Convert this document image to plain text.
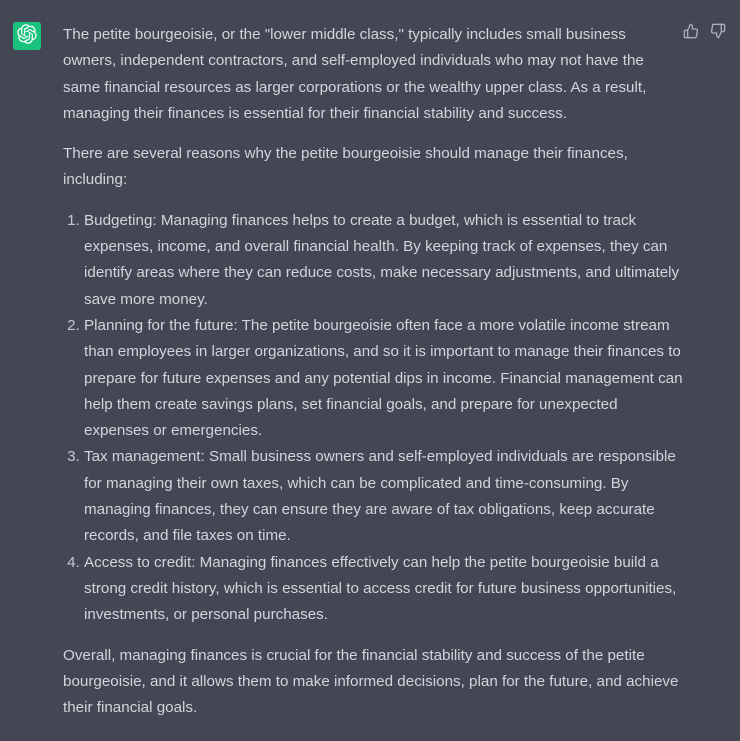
The petite bourgeoisie, or the "lower middle class," typically includes small business owners, independent contractors, and self-employed individuals who may not have the same financial resources as larger corporations or the wealthy upper class. As a result, managing their finances is essential for their financial stability and success.

There are several reasons why the petite bourgeoisie should manage their finances, including:

1. Budgeting: Managing finances helps to create a budget, which is essential to track expenses, income, and overall financial health. By keeping track of expenses, they can identify areas where they can reduce costs, make necessary adjustments, and ultimately save more money.
2. Planning for the future: The petite bourgeoisie often face a more volatile income stream than employees in larger organizations, and so it is important to manage their finances to prepare for future expenses and any potential dips in income. Financial management can help them create savings plans, set financial goals, and prepare for unexpected expenses or emergencies.
3. Tax management: Small business owners and self-employed individuals are responsible for managing their own taxes, which can be complicated and time-consuming. By managing finances, they can ensure they are aware of tax obligations, keep accurate records, and file taxes on time.
4. Access to credit: Managing finances effectively can help the petite bourgeoisie build a strong credit history, which is essential to access credit for future business opportunities, investments, or personal purchases.

Overall, managing finances is crucial for the financial stability and success of the petite bourgeoisie, and it allows them to make informed decisions, plan for the future, and achieve their financial goals.
